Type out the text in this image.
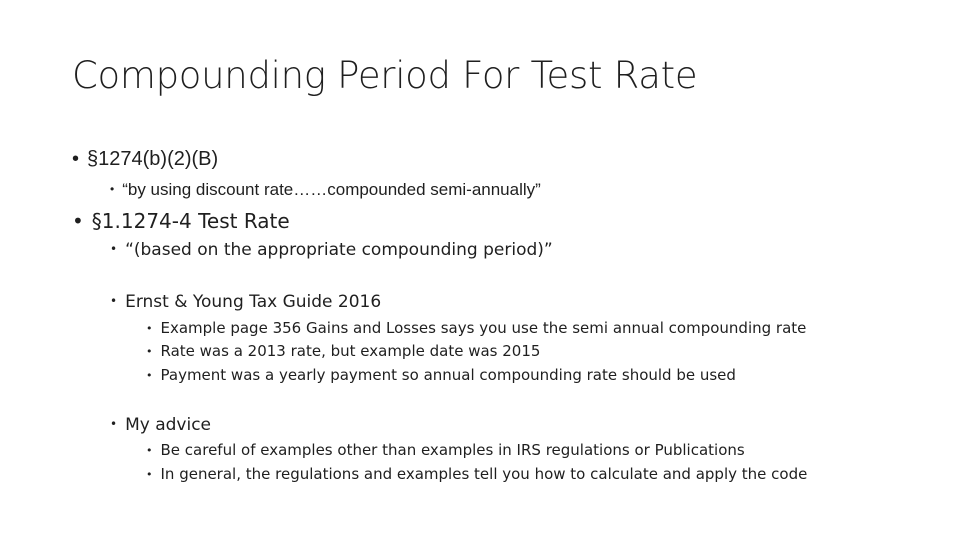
Compounding Period For Test Rate
• §1274(b)(2)(B)
• “by using discount rate……compounded semi-annually”
• §1.1274-4 Test Rate
• “(based on the appropriate compounding period)”
• Ernst & Young Tax Guide 2016
• Example page 356 Gains and Losses says you use the semi annual compounding rate
• Rate was a 2013 rate, but example date was 2015
• Payment was a yearly payment so annual compounding rate should be used
• My advice
• Be careful of examples other than examples in IRS regulations or Publications
• In general, the regulations and examples tell you how to calculate and apply the code
